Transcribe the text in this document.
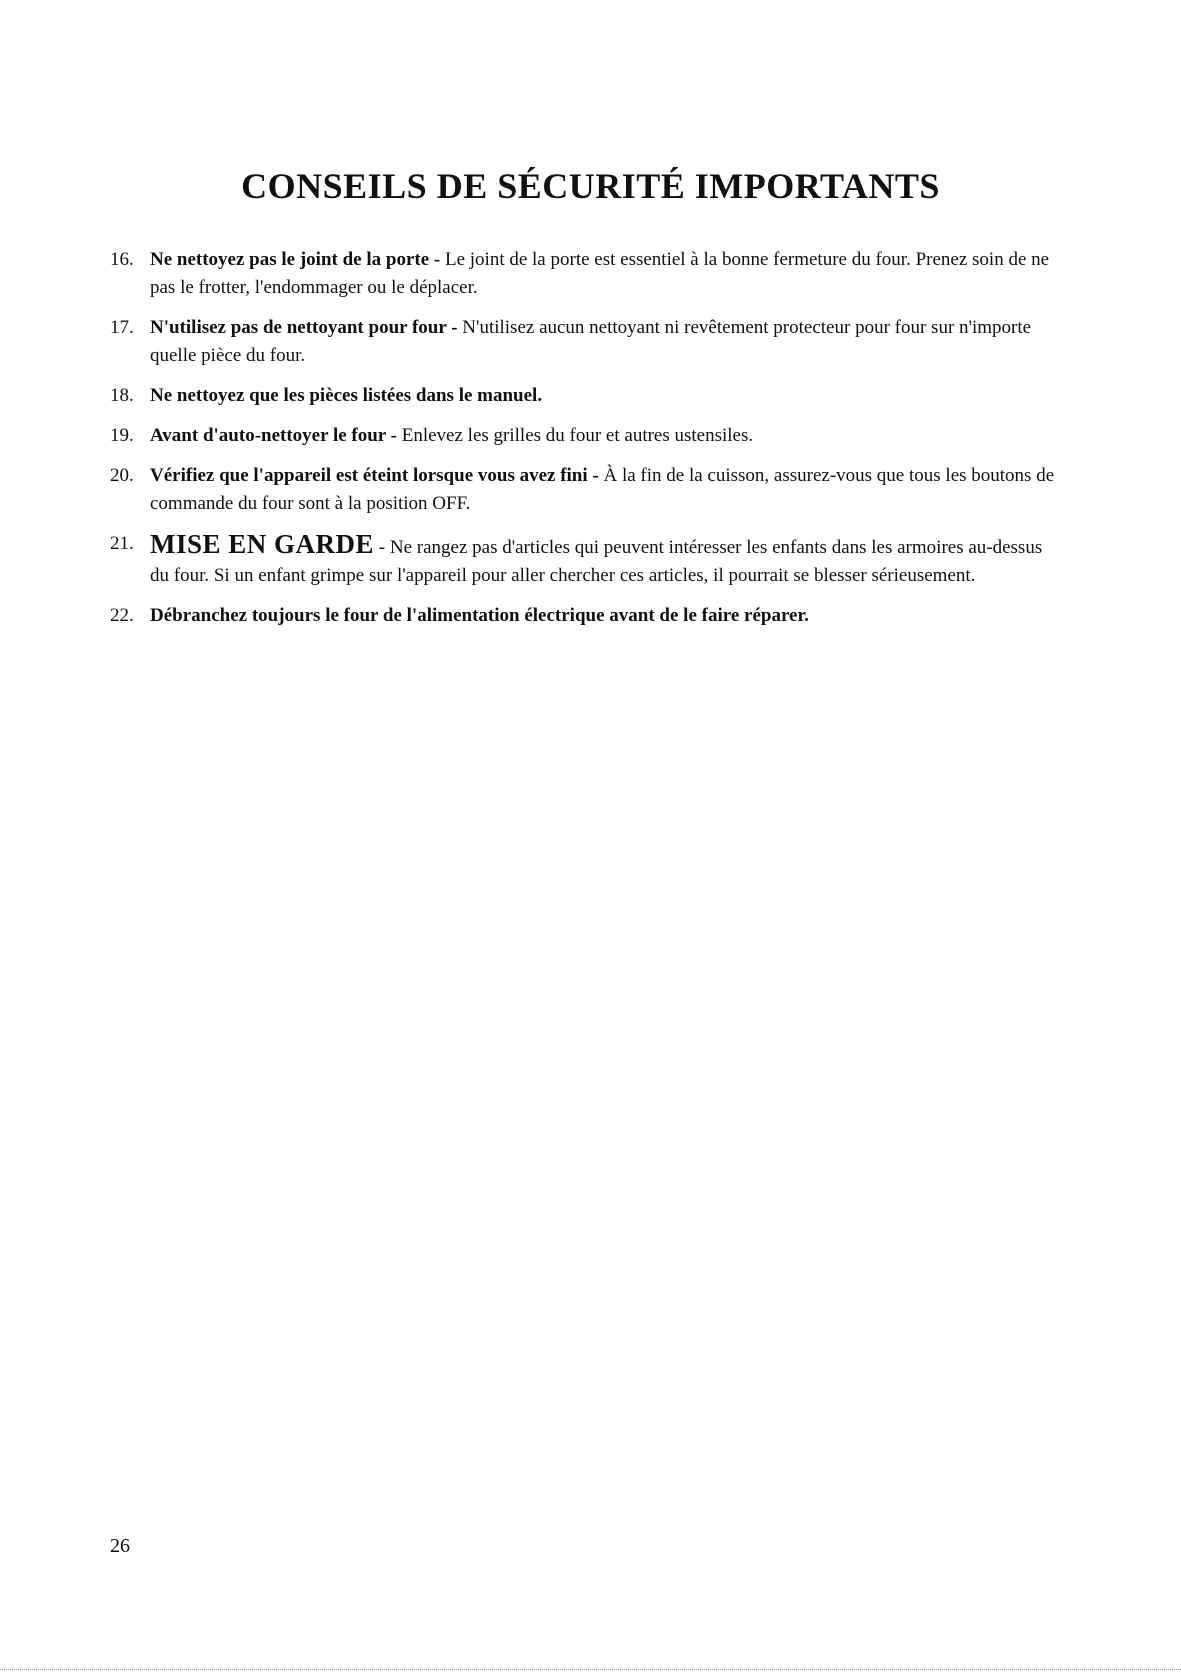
CONSEILS DE SÉCURITÉ IMPORTANTS
16. Ne nettoyez pas le joint de la porte - Le joint de la porte est essentiel à la bonne fermeture du four. Prenez soin de ne pas le frotter, l'endommager ou le déplacer.
17. N'utilisez pas de nettoyant pour four - N'utilisez aucun nettoyant ni revêtement protecteur pour four sur n'importe quelle pièce du four.
18. Ne nettoyez que les pièces listées dans le manuel.
19. Avant d'auto-nettoyer le four - Enlevez les grilles du four et autres ustensiles.
20. Vérifiez que l'appareil est éteint lorsque vous avez fini - À la fin de la cuisson, assurez-vous que tous les boutons de commande du four sont à la position OFF.
21. MISE EN GARDE - Ne rangez pas d'articles qui peuvent intéresser les enfants dans les armoires au-dessus du four. Si un enfant grimpe sur l'appareil pour aller chercher ces articles, il pourrait se blesser sérieusement.
22. Débranchez toujours le four de l'alimentation électrique avant de le faire réparer.

26
